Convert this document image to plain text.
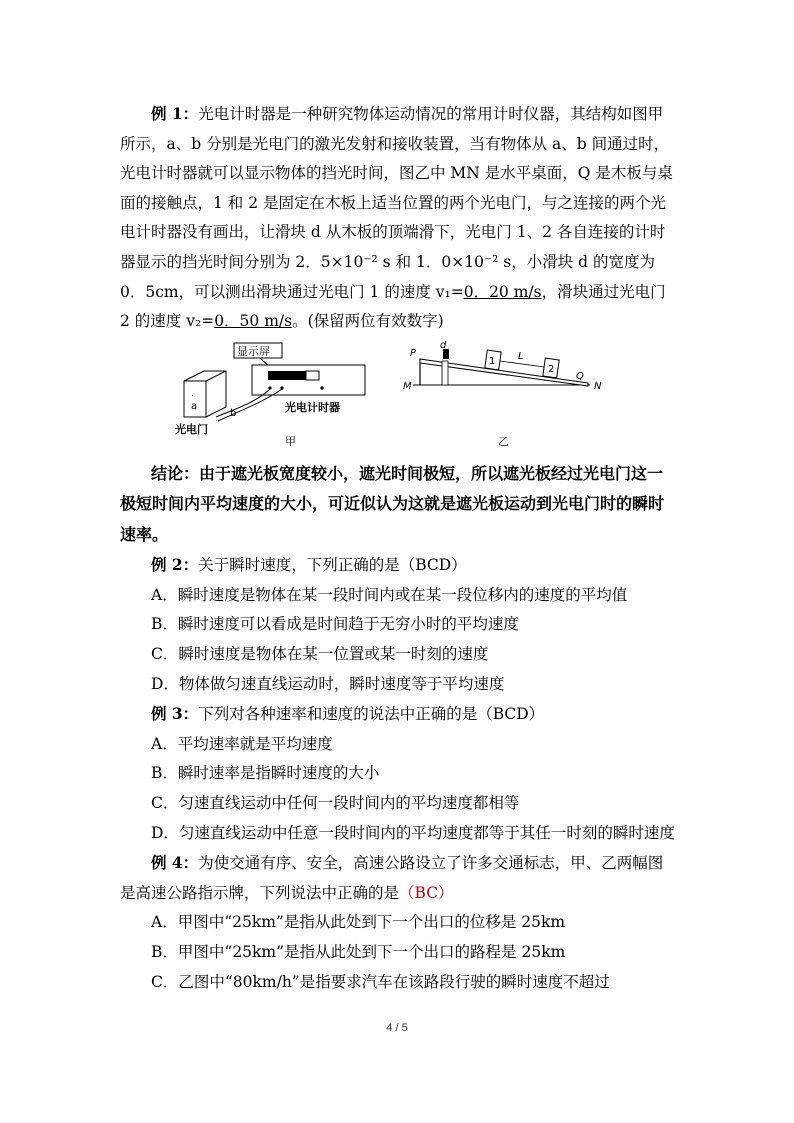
例 1：光电计时器是一种研究物体运动情况的常用计时仪器，其结构如图甲所示，a、b 分别是光电门的激光发射和接收装置，当有物体从 a、b 间通过时，光电计时器就可以显示物体的挡光时间，图乙中 MN 是水平桌面，Q 是木板与桌面的接触点，1 和 2 是固定在木板上适当位置的两个光电门，与之连接的两个光电计时器没有画出，让滑块 d 从木板的顶端滑下，光电门 1、2 各自连接的计时器显示的挡光时间分别为 2．5×10⁻² s 和 1．0×10⁻² s，小滑块 d 的宽度为 0．5cm，可以测出滑块通过光电门 1 的速度 v₁=0．20 m/s，滑块通过光电门 2 的速度 v₂=0．50 m/s。(保留两位有效数字)

显示屏
光电计时器
·
a
b
光电门
甲
d
1
2
L
P
M	N
Q
乙

结论：由于遮光板宽度较小，遮光时间极短，所以遮光板经过光电门这一极短时间内平均速度的大小，可近似认为这就是遮光板运动到光电门时的瞬时速率。

例 2：关于瞬时速度，下列正确的是（BCD）

A．瞬时速度是物体在某一段时间内或在某一段位移内的速度的平均值
B．瞬时速度可以看成是时间趋于无穷小时的平均速度
C．瞬时速度是物体在某一位置或某一时刻的速度
D．物体做匀速直线运动时，瞬时速度等于平均速度

例 3：下列对各种速率和速度的说法中正确的是（BCD）

A．平均速率就是平均速度
B．瞬时速率是指瞬时速度的大小
C．匀速直线运动中任何一段时间内的平均速度都相等

D．匀速直线运动中任意一段时间内的平均速度都等于其任一时刻的瞬时速度

例 4：为使交通有序、安全，高速公路设立了许多交通标志，甲、乙两幅图是高速公路指示牌，下列说法中正确的是（BC）

A．甲图中“25km”是指从此处到下一个出口的位移是 25km
B．甲图中“25km”是指从此处到下一个出口的路程是 25km
C．乙图中“80km/h”是指要求汽车在该路段行驶的瞬时速度不超过
4 / 5
